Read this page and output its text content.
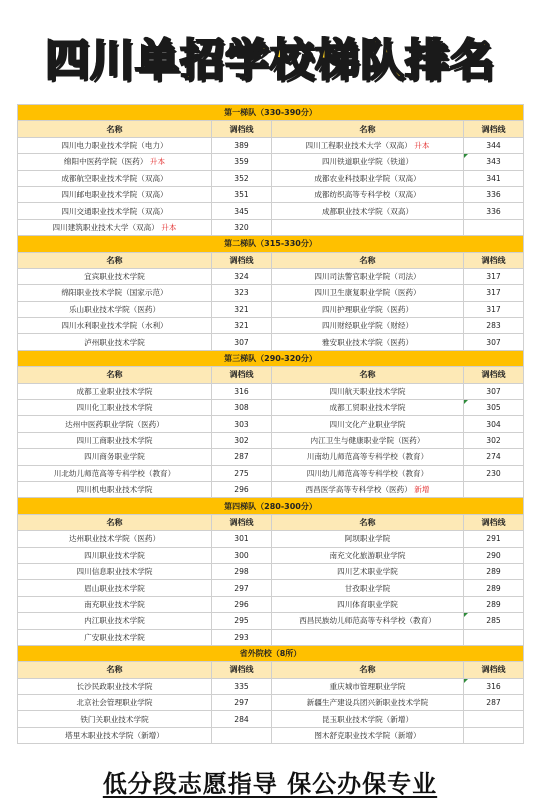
四川单招学校梯队排名
第一梯队（330-390分）			
名称	调档线	名称	调档线
四川电力职业技术学院（电力）	389	四川工程职业技术大学（双高） 升本	344
绵阳中医药学院（医药） 升本	359	四川铁道职业学院（铁道）	343
成都航空职业技术学院（双高）	352	成都农业科技职业学院（双高）	341
四川邮电职业技术学院（双高）	351	成都纺织高等专科学校（双高）	336
四川交通职业技术学院（双高）	345	成都职业技术学院（双高）	336
四川建筑职业技术大学（双高） 升本	320		
第二梯队（315-330分）			
名称	调档线	名称	调档线
宜宾职业技术学院	324	四川司法警官职业学院（司法）	317
绵阳职业技术学院（国家示范）	323	四川卫生康复职业学院（医药）	317
乐山职业技术学院（医药）	321	四川护理职业学院（医药）	317
四川水利职业技术学院（水利）	321	四川财经职业学院（财经）	283
泸州职业技术学院	307	雅安职业技术学院（医药）	307
第三梯队（290-320分）			
名称	调档线	名称	调档线
成都工业职业技术学院	316	四川航天职业技术学院	307
四川化工职业技术学院	308	成都工贸职业技术学院	305
达州中医药职业学院（医药）	303	四川文化产业职业学院	304
四川工商职业技术学院	302	内江卫生与健康职业学院（医药）	302
四川商务职业学院	287	川南幼儿师范高等专科学校（教育）	274
川北幼儿师范高等专科学校（教育）	275	四川幼儿师范高等专科学校（教育）	230
四川机电职业技术学院	296	西昌医学高等专科学校（医药） 新增	
第四梯队（280-300分）			
名称	调档线	名称	调档线
达州职业技术学院（医药）	301	阿坝职业学院	291
四川职业技术学院	300	南充文化旅游职业学院	290
四川信息职业技术学院	298	四川艺术职业学院	289
眉山职业技术学院	297	甘孜职业学院	289
南充职业技术学院	296	四川体育职业学院	289
内江职业技术学院	295	西昌民族幼儿师范高等专科学校（教育）	285
广安职业技术学院	293		
省外院校（8所）			
名称	调档线	名称	调档线
长沙民政职业技术学院	335	重庆城市管理职业学院	316
北京社会管理职业学院	297	新疆生产建设兵团兴新职业技术学院	287
铁门关职业技术学院	284	昆玉职业技术学院（新增）	
塔里木职业技术学院（新增）		图木舒克职业技术学院（新增）	
低分段志愿指导 保公办保专业
